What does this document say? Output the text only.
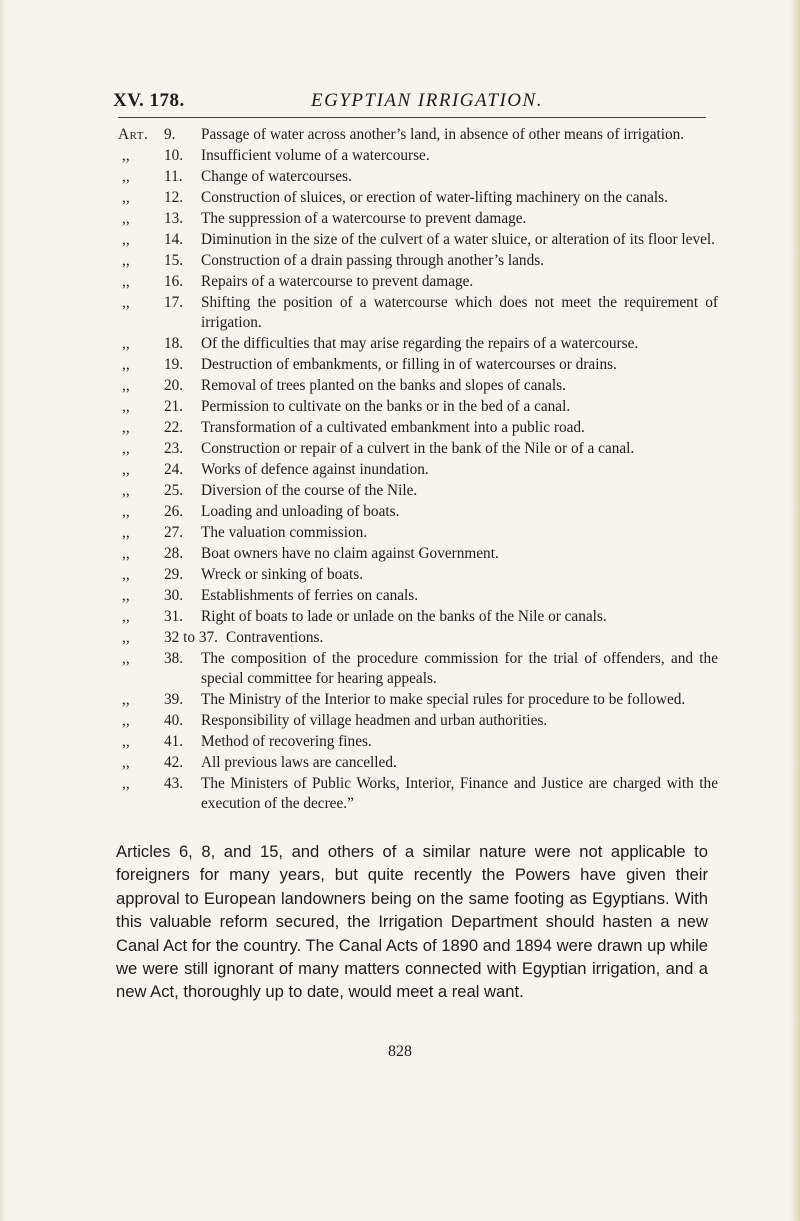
XV. 178.	EGYPTIAN IRRIGATION.
Art.	9. Passage of water across another’s land, in absence of other means of irrigation.
,,	10. Insufficient volume of a watercourse.
,,	11. Change of watercourses.
,,	12. Construction of sluices, or erection of water-lifting machinery on the canals.
,,	13. The suppression of a watercourse to prevent damage.
,,	14. Diminution in the size of the culvert of a water sluice, or alteration of its floor level.
,,	15. Construction of a drain passing through another’s lands.
,,	16. Repairs of a watercourse to prevent damage.
,,	17. Shifting the position of a watercourse which does not meet the requirement of irrigation.
,,	18. Of the difficulties that may arise regarding the repairs of a watercourse.
,,	19. Destruction of embankments, or filling in of watercourses or drains.
,,	20. Removal of trees planted on the banks and slopes of canals.
,,	21. Permission to cultivate on the banks or in the bed of a canal.
,,	22. Transformation of a cultivated embankment into a public road.
,,	23. Construction or repair of a culvert in the bank of the Nile or of a canal.
,,	24. Works of defence against inundation.
,,	25. Diversion of the course of the Nile.
,,	26. Loading and unloading of boats.
,,	27. The valuation commission.
,,	28. Boat owners have no claim against Government.
,,	29. Wreck or sinking of boats.
,,	30. Establishments of ferries on canals.
,,	31. Right of boats to lade or unlade on the banks of the Nile or canals.
,,	32 to 37. Contraventions.
,,	38. The composition of the procedure commission for the trial of offenders, and the special committee for hearing appeals.
,,	39. The Ministry of the Interior to make special rules for procedure to be followed.
,,	40. Responsibility of village headmen and urban authorities.
,,	41. Method of recovering fines.
,,	42. All previous laws are cancelled.
,,	43. The Ministers of Public Works, Interior, Finance and Justice are charged with the execution of the decree.”

Articles 6, 8, and 15, and others of a similar nature were not applicable to foreigners for many years, but quite recently the Powers have given their approval to European landowners being on the same footing as Egyptians. With this valuable reform secured, the Irrigation Department should hasten a new Canal Act for the country. The Canal Acts of 1890 and 1894 were drawn up while we were still ignorant of many matters connected with Egyptian irrigation, and a new Act, thoroughly up to date, would meet a real want.

828
